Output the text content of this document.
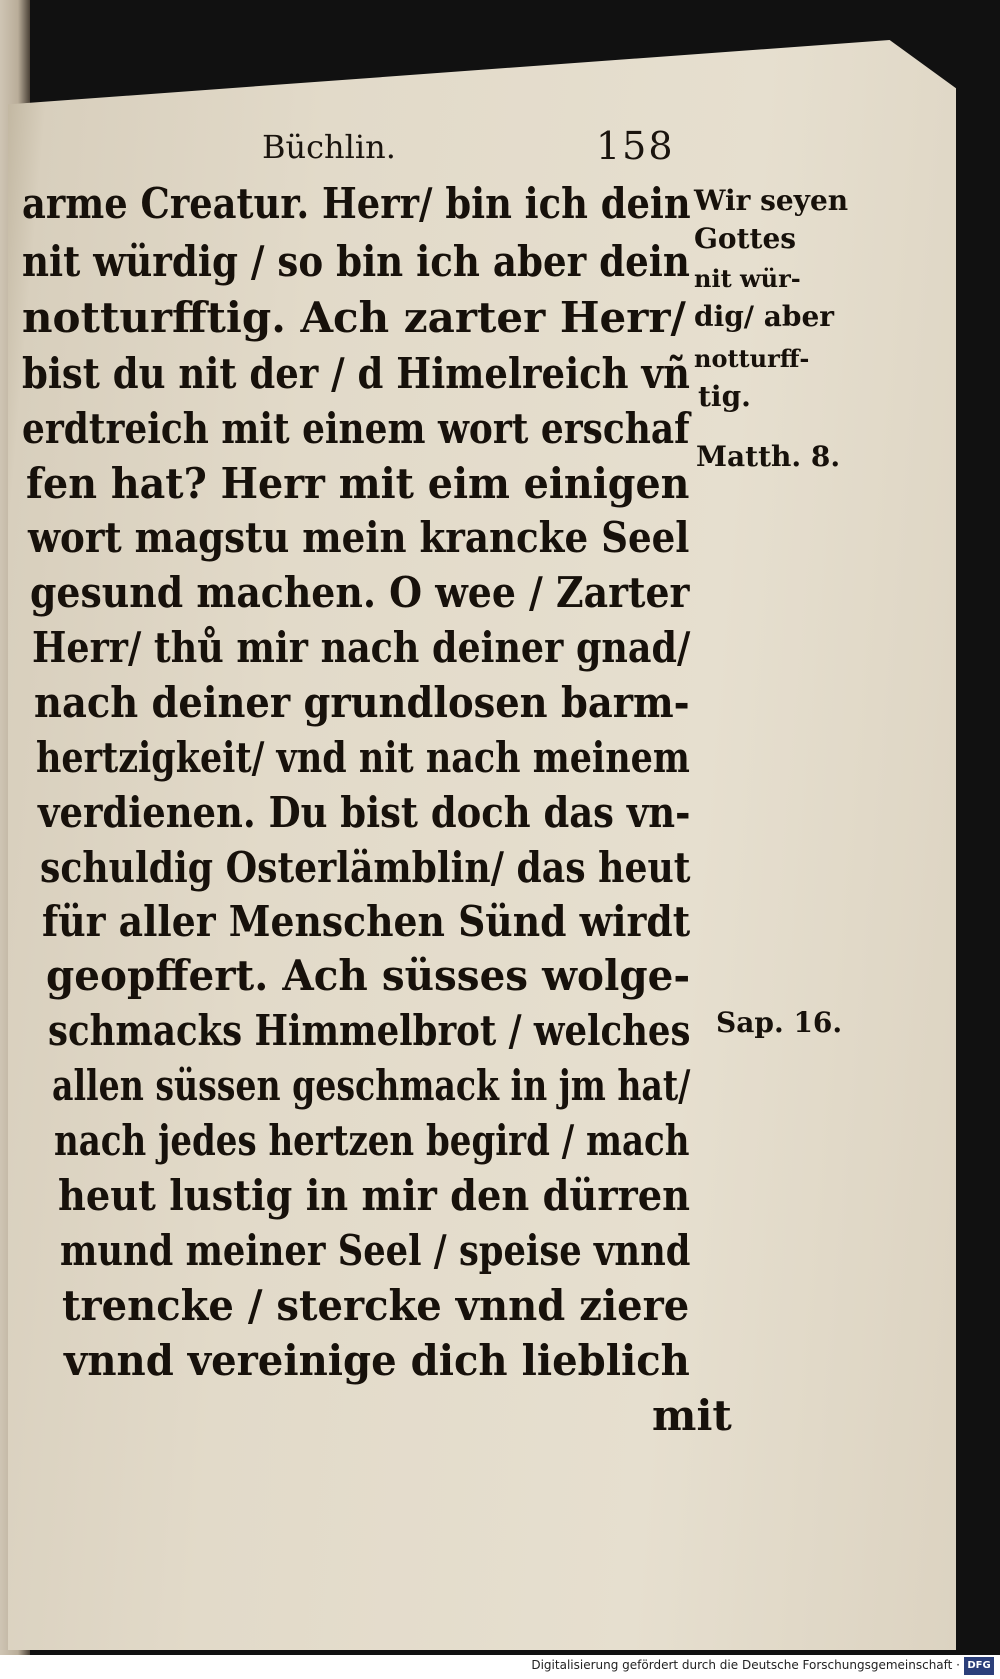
Büchlin.	158
arme Creatur. Herr/ bin ich dein
nit würdig / so bin ich aber dein
notturfftig. Ach zarter Herr/
bist du nit der / d Himelreich vñ
erdtreich mit einem wort erschaf
fen hat? Herr mit eim einigen
wort magstu mein krancke Seel
gesund machen. O wee / Zarter
Herr/ thů mir nach deiner gnad/
nach deiner grundlosen barm‑
hertzigkeit/ vnd nit nach meinem
verdienen. Du bist doch das vn‑
schuldig Osterlämblin/ das heut
für aller Menschen Sünd wirdt
geopffert. Ach süsses wolge‑
schmacks Himmelbrot / welches
allen süssen geschmack in jm hat/
nach jedes hertzen begird / mach
heut lustig in mir den dürren
mund meiner Seel / speise vnnd
trencke / stercke vnnd ziere
vnnd vereinige dich lieblich
mit
Wir seyen
Gottes
nit wür‑
dig/ aber
notturff‑
tig.
Matth. 8.
Sap. 16.
Digitalisierung gefördert durch die Deutsche Forschungsgemeinschaft · DFG
